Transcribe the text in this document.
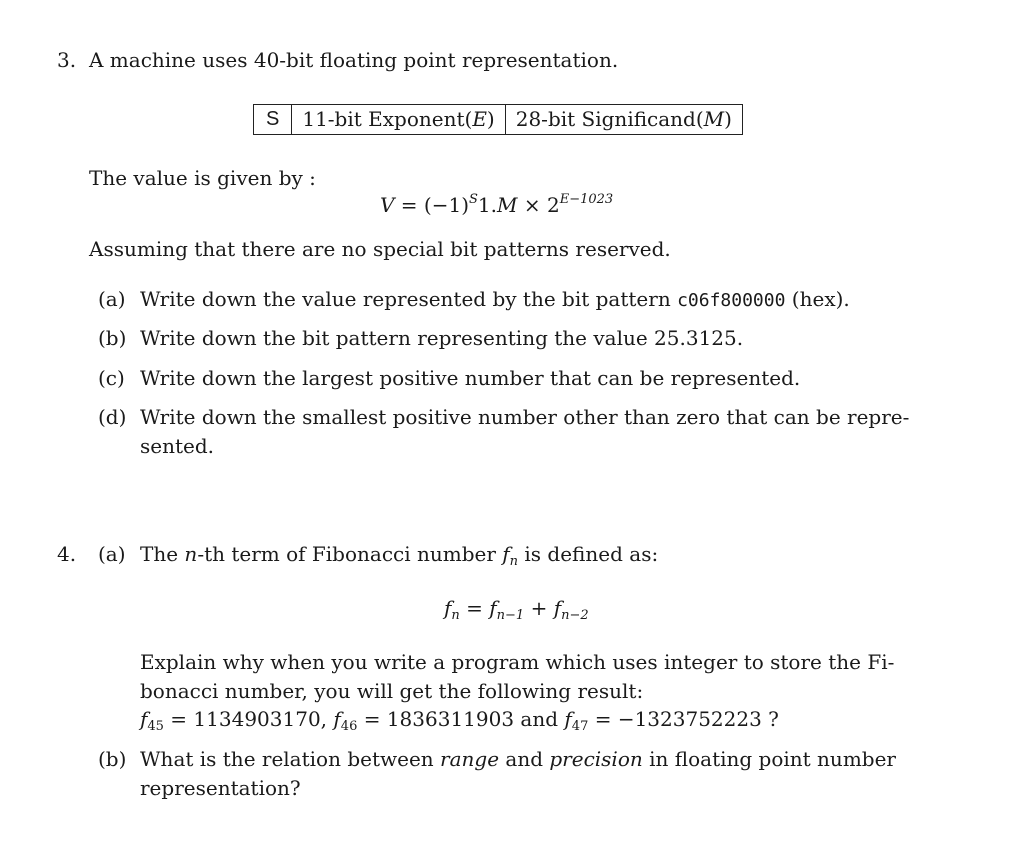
3. A machine uses 40-bit floating point representation.
S	11-bit Exponent(E)	28-bit Significand(M)
The value is given by :
$V = (-1)^S1.M \times 2^{E-1023}$
Assuming that there are no special bit patterns reserved.
(a) Write down the value represented by the bit pattern c06f800000 (hex).
(b) Write down the bit pattern representing the value 25.3125.
(c) Write down the largest positive number that can be represented.
(d) Write down the smallest positive number other than zero that can be repre-
sented.
4. (a) The n-th term of Fibonacci number $f_n$ is defined as:
$f_n = f_{n-1} + f_{n-2}$
Explain why when you write a program which uses integer to store the Fi-
bonacci number, you will get the following result:
$f_{45} = 1134903170$, $f_{46} = 1836311903$ and $f_{47} = -1323752223$ ?
(b) What is the relation between range and precision in floating point number
representation?
